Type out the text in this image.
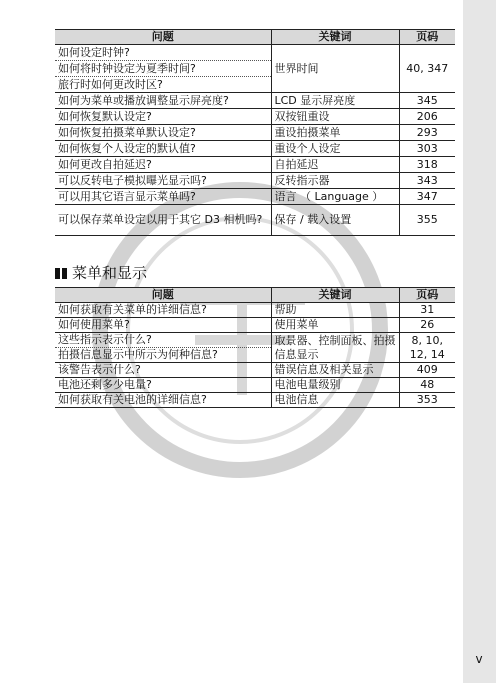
问题	关键词	页码
如何设定时钟?	世界时间	40, 347
如何将时钟设定为夏季时间?		
旅行时如何更改时区?		
如何为菜单或播放调整显示屏亮度?	LCD 显示屏亮度	345
如何恢复默认设定?	双按钮重设	206
如何恢复拍摄菜单默认设定?	重设拍摄菜单	293
如何恢复个人设定的默认值?	重设个人设定	303
如何更改自拍延迟?	自拍延迟	318
可以反转电子模拟曝光显示吗?	反转指示器	343
可以用其它语言显示菜单吗?	语言 （ Language ）	347
可以保存菜单设定以用于其它 D3 相机吗?	保存 / 载入设置	355
菜单和显示
问题	关键词	页码
如何获取有关菜单的详细信息?	帮助	31
如何使用菜单?	使用菜单	26
这些指示表示什么?	取景器、控制面板、拍摄信息显示	8, 10, 12, 14
拍摄信息显示中所示为何种信息?		
该警告表示什么?	错误信息及相关显示	409
电池还剩多少电量?	电池电量级别	48
如何获取有关电池的详细信息?	电池信息	353
v
